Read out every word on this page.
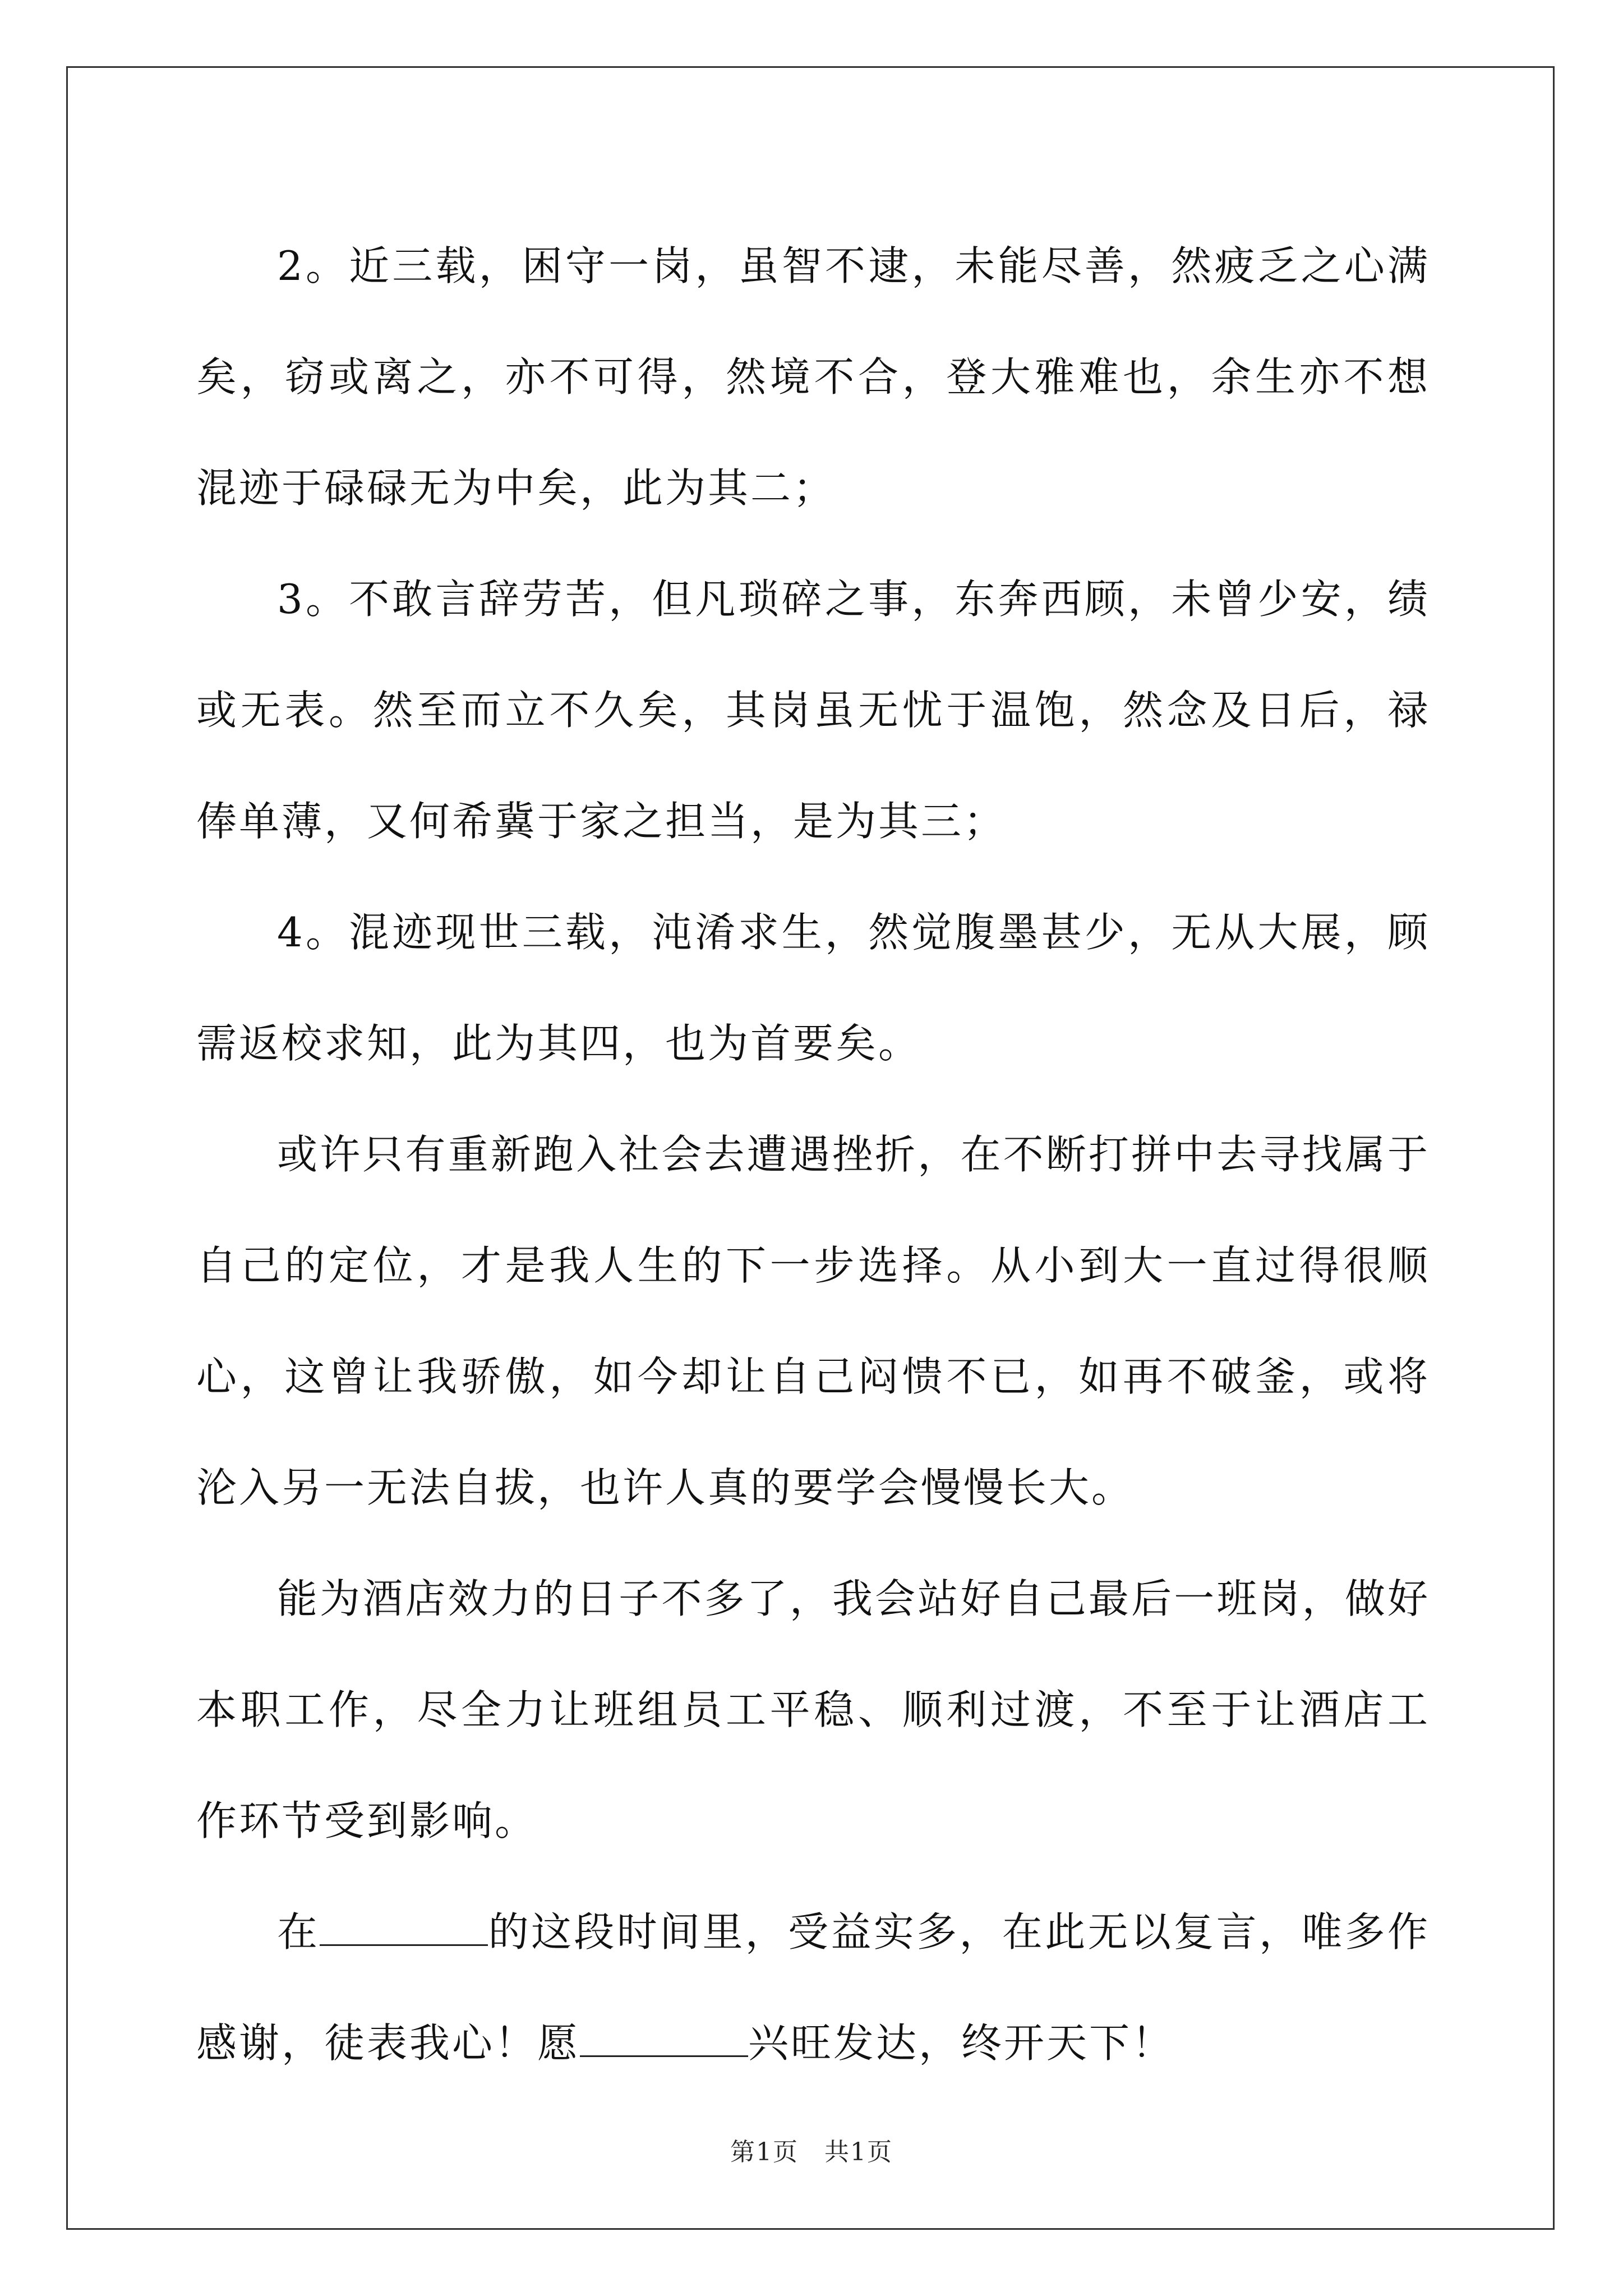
2。近三载，困守一岗，虽智不逮，未能尽善，然疲乏之心满矣，窃或离之，亦不可得，然境不合，登大雅难也，余生亦不想混迹于碌碌无为中矣，此为其二；

3。不敢言辞劳苦，但凡琐碎之事，东奔西顾，未曾少安，绩或无表。然至而立不久矣，其岗虽无忧于温饱，然念及日后，禄俸单薄，又何希冀于家之担当，是为其三；

4。混迹现世三载，沌淆求生，然觉腹墨甚少，无从大展，顾需返校求知，此为其四，也为首要矣。

或许只有重新跑入社会去遭遇挫折，在不断打拼中去寻找属于自己的定位，才是我人生的下一步选择。从小到大一直过得很顺心，这曾让我骄傲，如今却让自己闷愦不已，如再不破釜，或将沦入另一无法自拔，也许人真的要学会慢慢长大。

能为酒店效力的日子不多了，我会站好自己最后一班岗，做好本职工作，尽全力让班组员工平稳、顺利过渡，不至于让酒店工作环节受到影响。

在	的这段时间里，受益实多，在此无以复言，唯多作感谢，徒表我心！愿	兴旺发达，终开天下！

第1页　共1页
